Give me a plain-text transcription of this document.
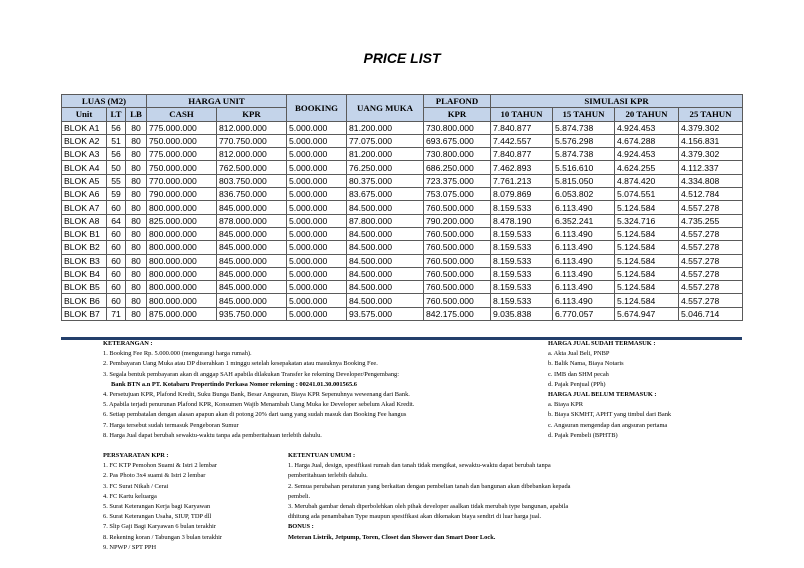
PRICE LIST
LUAS (M2)			HARGA UNIT		BOOKING	UANG MUKA	PLAFOND	SIMULASI KPR			
Unit	LT	LB	CASH	KPR			KPR	10 TAHUN	15 TAHUN	20 TAHUN	25 TAHUN
BLOK A1	56	80	775.000.000	812.000.000	5.000.000	81.200.000	730.800.000	7.840.877	5.874.738	4.924.453	4.379.302
BLOK A2	51	80	750.000.000	770.750.000	5.000.000	77.075.000	693.675.000	7.442.557	5.576.298	4.674.288	4.156.831
BLOK A3	56	80	775.000.000	812.000.000	5.000.000	81.200.000	730.800.000	7.840.877	5.874.738	4.924.453	4.379.302
BLOK A4	50	80	750.000.000	762.500.000	5.000.000	76.250.000	686.250.000	7.462.893	5.516.610	4.624.255	4.112.337
BLOK A5	55	80	770.000.000	803.750.000	5.000.000	80.375.000	723.375.000	7.761.213	5.815.050	4.874.420	4.334.808
BLOK A6	59	80	790.000.000	836.750.000	5.000.000	83.675.000	753.075.000	8.079.869	6.053.802	5.074.551	4.512.784
BLOK A7	60	80	800.000.000	845.000.000	5.000.000	84.500.000	760.500.000	8.159.533	6.113.490	5.124.584	4.557.278
BLOK A8	64	80	825.000.000	878.000.000	5.000.000	87.800.000	790.200.000	8.478.190	6.352.241	5.324.716	4.735.255
BLOK B1	60	80	800.000.000	845.000.000	5.000.000	84.500.000	760.500.000	8.159.533	6.113.490	5.124.584	4.557.278
BLOK B2	60	80	800.000.000	845.000.000	5.000.000	84.500.000	760.500.000	8.159.533	6.113.490	5.124.584	4.557.278
BLOK B3	60	80	800.000.000	845.000.000	5.000.000	84.500.000	760.500.000	8.159.533	6.113.490	5.124.584	4.557.278
BLOK B4	60	80	800.000.000	845.000.000	5.000.000	84.500.000	760.500.000	8.159.533	6.113.490	5.124.584	4.557.278
BLOK B5	60	80	800.000.000	845.000.000	5.000.000	84.500.000	760.500.000	8.159.533	6.113.490	5.124.584	4.557.278
BLOK B6	60	80	800.000.000	845.000.000	5.000.000	84.500.000	760.500.000	8.159.533	6.113.490	5.124.584	4.557.278
BLOK B7	71	80	875.000.000	935.750.000	5.000.000	93.575.000	842.175.000	9.035.838	6.770.057	5.674.947	5.046.714
KETERANGAN :
1. Booking Fee Rp. 5.000.000 (mengurangi harga rumah).
2. Pembayaran Uang Muka atau DP diserahkan 1 minggu setelah kesepakatan atau masuknya Booking Fee.
3. Segala bentuk pembayaran akan di anggap SAH apabila dilakukan Transfer ke rekening Developer/Pengembang:
Bank BTN a.n PT. Kotabaru Propertindo Perkasa Nomor rekening : 00241.01.30.001565.6
4. Persetujuan KPR, Plafond Kredit, Suku Bunga Bank, Besar Angsuran, Biaya KPR Sepenuhnya wewenang dari Bank.
5. Apabila terjadi penurunan Plafond KPR, Konsumen Wajib Menambah Uang Muka ke Developer sebelum Akad Kredit.
6. Setiap pembatalan dengan alasan apapun akan di potong 20% dari uang yang sudah masuk dan Booking Fee hangus
7. Harga tersebut sudah termasuk Pengeboran Sumur
8. Harga Jual dapat berubah sewaktu-waktu tanpa ada pemberitahuan terlebih dahulu.
HARGA JUAL SUDAH TERMASUK :
a. Akta Jual Beli, PNBP
b. Balik Nama, Biaya Notaris
c. IMB dan SHM pecah
d. Pajak Penjual (PPh)
HARGA JUAL BELUM TERMASUK :
a. Biaya KPR
b. Biaya SKMHT, APHT yang timbul dari Bank
c. Angsuran mengendap dan angsuran pertama
d. Pajak Pembeli (BPHTB)
PERSYARATAN KPR :
1. FC KTP Pemohon Suami & Istri 2 lembar
2. Pas Photo 3x4 suami & Istri 2 lembar
3. FC Surat Nikah / Cerai
4. FC Kartu keluarga
5. Surat Keterangan Kerja bagi Karyawan
6. Surat Keterangan Usaha, SIUP, TDP dll
7. Slip Gaji Bagi Karyawan 6 bulan terakhir
8. Rekening koran / Tabungan 3 bulan terakhir
9. NPWP / SPT PPH
KETENTUAN UMUM :
1. Harga Jual, design, spesifikasi rumah dan tanah tidak mengikat, sewaktu-waktu dapat berubah tanpa
pemberitahuan terlebih dahulu.
2. Semua perubahan peraturan yang berkaitan dengan pembelian tanah dan bangunan akan dibebankan kepada
pembeli.
3. Merubah gambar denah diperbolehkan oleh pihak developer asalkan tidak merubah type bangunan, apabila
dihitung ada penambahan Type maupun spesifikasi akan dikenakan biaya sendiri di luar harga jual.
BONUS :
Meteran Listrik, Jetpump, Toren, Closet dan Shower dan Smart Door Lock.
